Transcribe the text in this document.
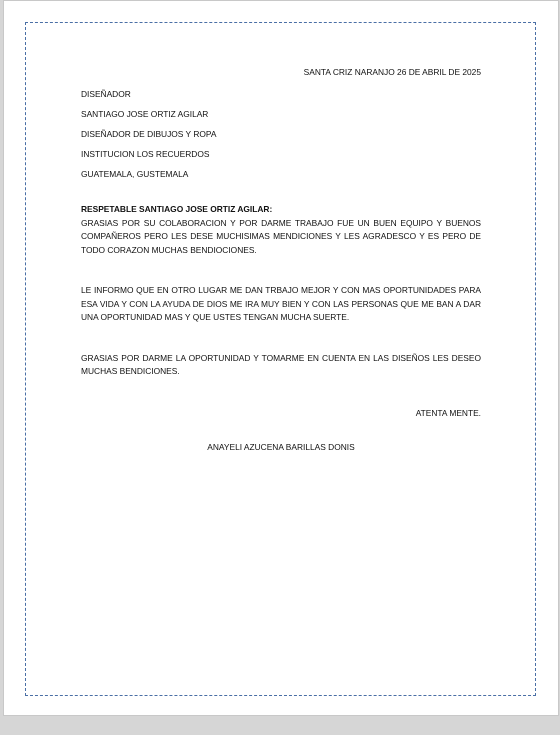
SANTA CRIZ NARANJO 26 DE ABRIL DE 2025

DISEÑADOR

SANTIAGO JOSE ORTIZ AGILAR

DISEÑADOR DE DIBUJOS Y ROPA

INSTITUCION LOS RECUERDOS

GUATEMALA, GUSTEMALA

RESPETABLE SANTIAGO JOSE ORTIZ AGILAR:

GRASIAS POR SU COLABORACION Y POR DARME TRABAJO FUE UN BUEN EQUIPO Y BUENOS COMPAÑEROS PERO LES DESE MUCHISIMAS MENDICIONES Y LES AGRADESCO Y ES PERO DE TODO CORAZON MUCHAS BENDIOCIONES.

LE INFORMO QUE EN OTRO LUGAR ME DAN TRBAJO MEJOR Y CON MAS OPORTUNIDADES PARA ESA VIDA Y CON LA AYUDA DE DIOS ME IRA MUY BIEN Y CON LAS PERSONAS QUE ME BAN A DAR UNA OPORTUNIDAD MAS Y QUE USTES TENGAN MUCHA SUERTE.

GRASIAS POR DARME LA OPORTUNIDAD Y TOMARME EN CUENTA EN LAS DISEÑOS LES DESEO MUCHAS BENDICIONES.

ATENTA MENTE.

ANAYELI AZUCENA BARILLAS DONIS
